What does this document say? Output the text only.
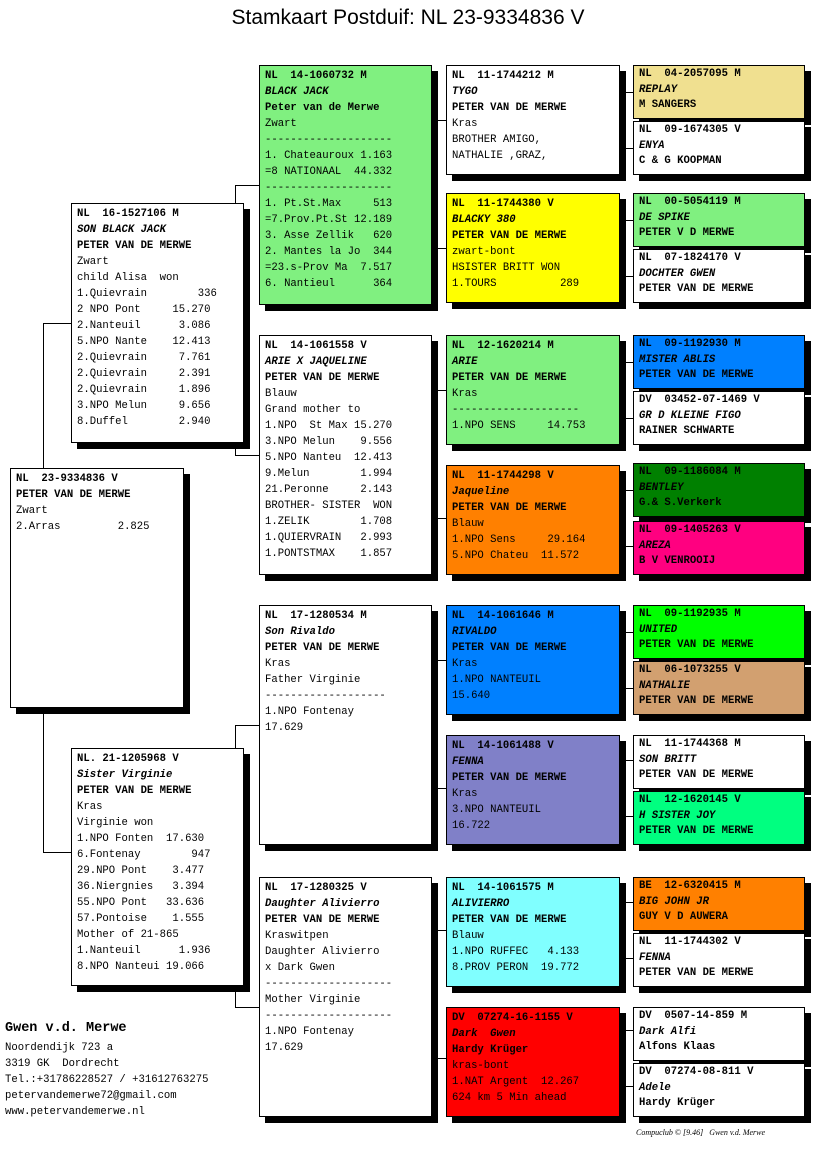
Stamkaart Postduif: NL 23-9334836 V
NL  23-9334836 V
PETER VAN DE MERWE
Zwart
2.Arras         2.825
NL  16-1527106 M
SON BLACK JACK
PETER VAN DE MERWE
Zwart
child Alisa  won
1.Quievrain        336
2 NPO Pont     15.270
2.Nanteuil      3.086
5.NPO Nante    12.413
2.Quievrain     7.761
2.Quievrain     2.391
2.Quievrain     1.896
3.NPO Melun     9.656
8.Duffel        2.940
NL. 21-1205968 V
Sister Virginie
PETER VAN DE MERWE
Kras
Virginie won
1.NPO Fonten  17.630
6.Fontenay        947
29.NPO Pont    3.477
36.Niergnies   3.394
55.NPO Pont   33.636
57.Pontoise    1.555
Mother of 21-865
1.Nanteuil      1.936
8.NPO Nanteui 19.066
NL  14-1060732 M
BLACK JACK
Peter van de Merwe
Zwart
--------------------
1. Chateauroux 1.163
=8 NATIONAAL  44.332
--------------------
1. Pt.St.Max     513
=7.Prov.Pt.St 12.189
3. Asse Zellik   620
2. Mantes la Jo  344
=23.s-Prov Ma  7.517
6. Nantieul      364
NL  14-1061558 V
ARIE X JAQUELINE
PETER VAN DE MERWE
Blauw
Grand mother to
1.NPO  St Max 15.270
3.NPO Melun    9.556
5.NPO Nanteu  12.413
9.Melun        1.994
21.Peronne     2.143
BROTHER- SISTER  WON
1.ZELIK        1.708
1.QUIERVRAIN   2.993
1.PONTSTMAX    1.857
NL  17-1280534 M
Son Rivaldo
PETER VAN DE MERWE
Kras
Father Virginie
-------------------
1.NPO Fontenay
17.629
NL  17-1280325 V
Daughter Alivierro
PETER VAN DE MERWE
Kraswitpen
Daughter Alivierro
x Dark Gwen
--------------------
Mother Virginie
--------------------
1.NPO Fontenay
17.629
NL  11-1744212 M
TYGO
PETER VAN DE MERWE
Kras
BROTHER AMIGO,
NATHALIE ,GRAZ,
NL  11-1744380 V
BLACKY 380
PETER VAN DE MERWE
zwart-bont
HSISTER BRITT WON
1.TOURS          289
NL  12-1620214 M
ARIE
PETER VAN DE MERWE
Kras
--------------------
1.NPO SENS     14.753
NL  11-1744298 V
Jaqueline
PETER VAN DE MERWE
Blauw
1.NPO Sens     29.164
5.NPO Chateu  11.572
NL  14-1061646 M
RIVALDO
PETER VAN DE MERWE
Kras
1.NPO NANTEUIL
15.640
NL  14-1061488 V
FENNA
PETER VAN DE MERWE
Kras
3.NPO NANTEUIL
16.722
NL  14-1061575 M
ALIVIERRO
PETER VAN DE MERWE
Blauw
1.NPO RUFFEC   4.133
8.PROV PERON  19.772
DV  07274-16-1155 V
Dark  Gwen
Hardy Krüger
kras-bont
1.NAT Argent  12.267
624 km 5 Min ahead
NL  04-2057095 M
REPLAY
M SANGERS
NL  09-1674305 V
ENYA
C & G KOOPMAN
NL  00-5054119 M
DE SPIKE
PETER V D MERWE
NL  07-1824170 V
DOCHTER GWEN
PETER VAN DE MERWE
NL  09-1192930 M
MISTER ABLIS
PETER VAN DE MERWE
DV  03452-07-1469 V
GR D KLEINE FIGO
RAINER SCHWARTE
NL  09-1186084 M
BENTLEY
G.& S.Verkerk
NL  09-1405263 V
AREZA
B V VENROOIJ
NL  09-1192935 M
UNITED
PETER VAN DE MERWE
NL  06-1073255 V
NATHALIE
PETER VAN DE MERWE
NL  11-1744368 M
SON BRITT
PETER VAN DE MERWE
NL  12-1620145 V
H SISTER JOY
PETER VAN DE MERWE
BE  12-6320415 M
BIG JOHN JR
GUY V D AUWERA
NL  11-1744302 V
FENNA
PETER VAN DE MERWE
DV  0507-14-859 M
Dark Alfi
Alfons Klaas
DV  07274-08-811 V
Adele
Hardy Krüger
Gwen v.d. Merwe
Noordendijk 723 a
3319 GK  Dordrecht
Tel.:+31786228527 / +31612763275
petervandemerwe72@gmail.com
www.petervandemerwe.nl
Compuclub © [9.46]   Gwen v.d. Merwe
